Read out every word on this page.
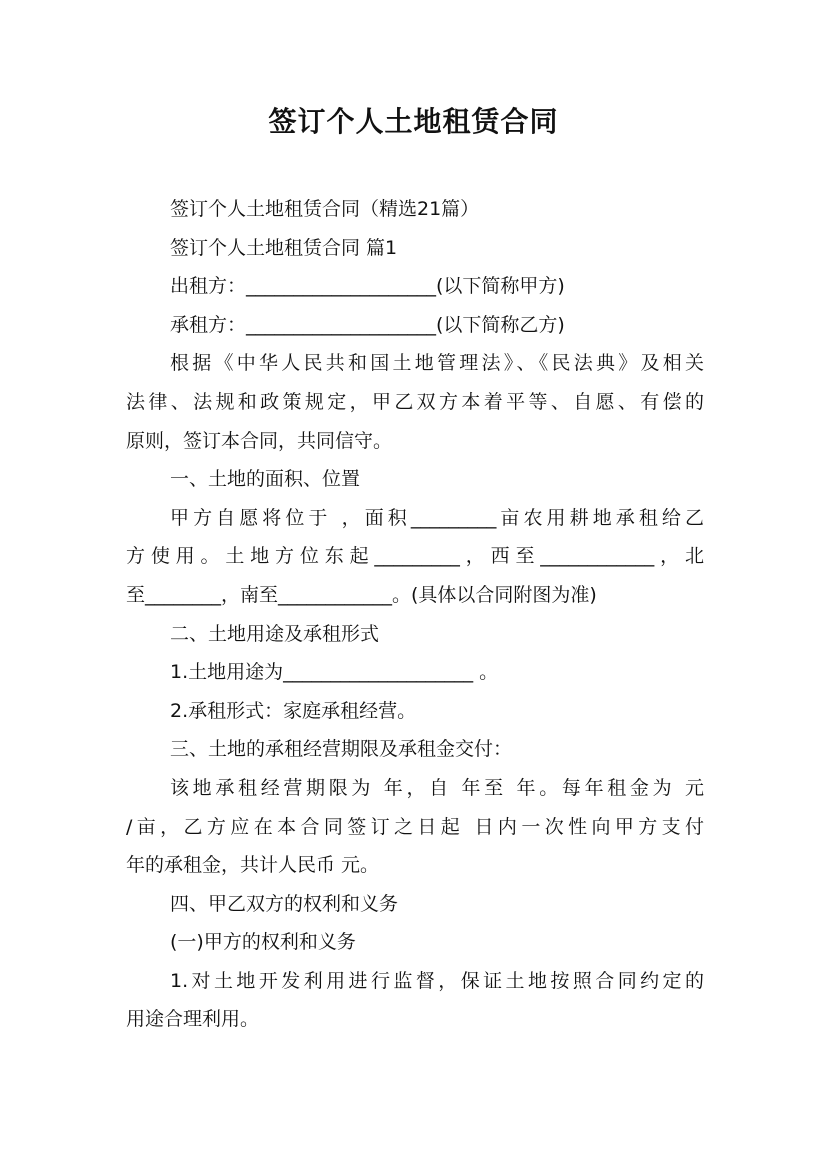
签订个人土地租赁合同
签订个人土地租赁合同（精选21篇）
签订个人土地租赁合同 篇1
出租方：____________________(以下简称甲方)
承租方：____________________(以下简称乙方)
根据《中华人民共和国土地管理法》、《民法典》及相关
法律、法规和政策规定，甲乙双方本着平等、自愿、有偿的
原则，签订本合同，共同信守。
一、土地的面积、位置
甲方自愿将位于 ，面积_________亩农用耕地承租给乙
方使用。土地方位东起_________，西至____________，北
至________，南至____________。(具体以合同附图为准)
二、土地用途及承租形式
1.土地用途为____________________ 。
2.承租形式：家庭承租经营。
三、土地的承租经营期限及承租金交付：
该地承租经营期限为 年，自 年至 年。每年租金为 元
/亩，乙方应在本合同签订之日起 日内一次性向甲方支付
年的承租金，共计人民币 元。
四、甲乙双方的权利和义务
(一)甲方的权利和义务
1.对土地开发利用进行监督，保证土地按照合同约定的
用途合理利用。
